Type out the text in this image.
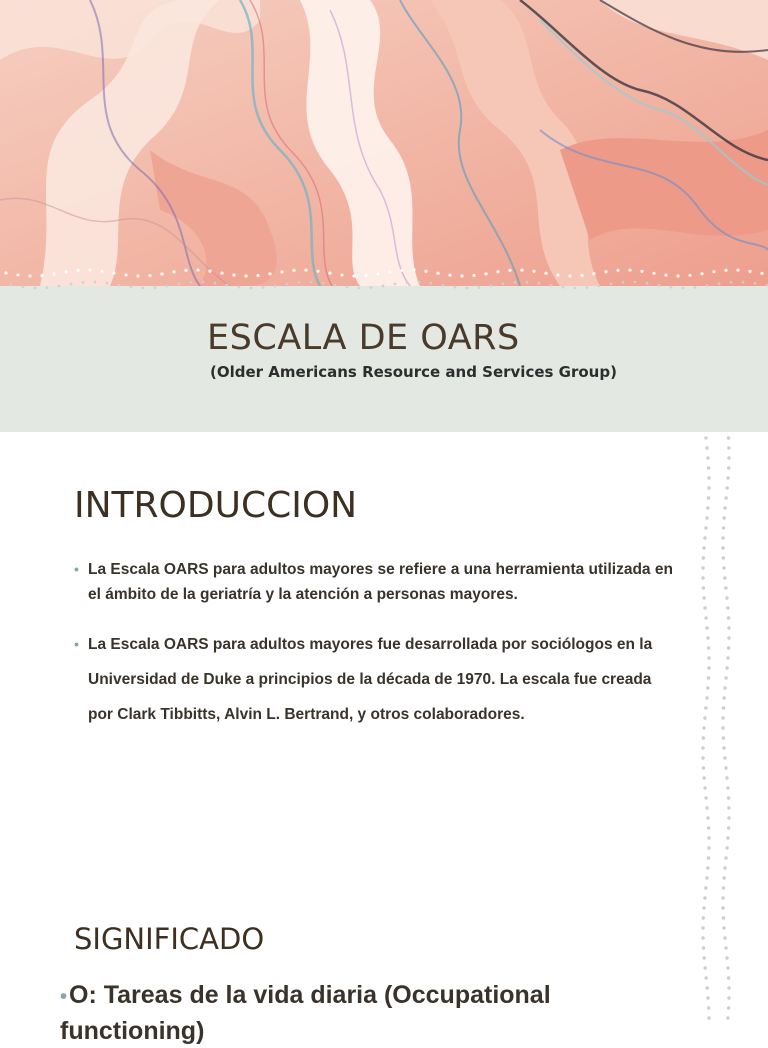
ESCALA DE OARS
(Older Americans Resource and Services Group)
INTRODUCCION
• La Escala OARS para adultos mayores se refiere a una herramienta utilizada en el ámbito de la geriatría y la atención a personas mayores.
• La Escala OARS para adultos mayores fue desarrollada por sociólogos en la Universidad de Duke a principios de la década de 1970. La escala fue creada por Clark Tibbitts, Alvin L. Bertrand, y otros colaboradores.
SIGNIFICADO
•O: Tareas de la vida diaria (Occupational functioning)
